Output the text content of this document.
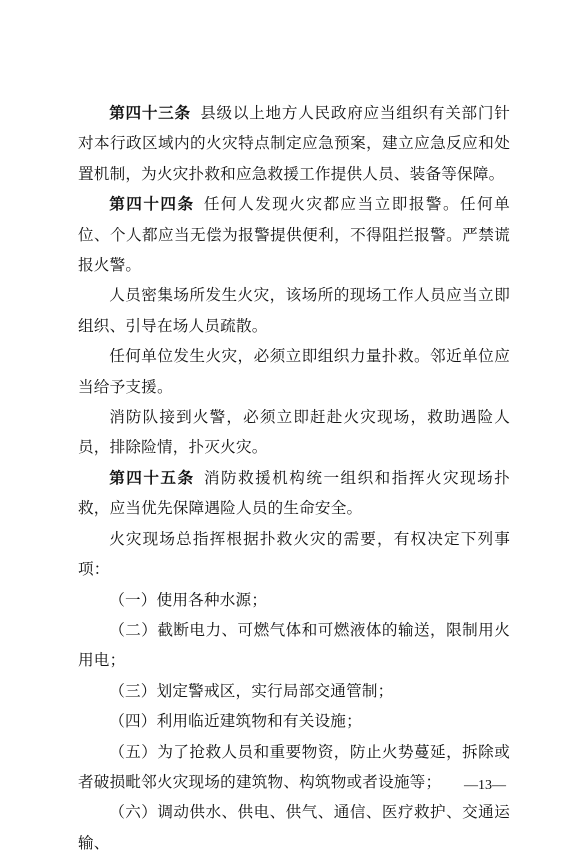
第四十三条 县级以上地方人民政府应当组织有关部门针对本行政区域内的火灾特点制定应急预案，建立应急反应和处置机制，为火灾扑救和应急救援工作提供人员、装备等保障。

第四十四条 任何人发现火灾都应当立即报警。任何单位、个人都应当无偿为报警提供便利，不得阻拦报警。严禁谎报火警。

人员密集场所发生火灾，该场所的现场工作人员应当立即组织、引导在场人员疏散。

任何单位发生火灾，必须立即组织力量扑救。邻近单位应当给予支援。

消防队接到火警，必须立即赶赴火灾现场，救助遇险人员，排除险情，扑灭火灾。

第四十五条 消防救援机构统一组织和指挥火灾现场扑救，应当优先保障遇险人员的生命安全。

火灾现场总指挥根据扑救火灾的需要，有权决定下列事项：

（一）使用各种水源；

（二）截断电力、可燃气体和可燃液体的输送，限制用火用电；

（三）划定警戒区，实行局部交通管制；

（四）利用临近建筑物和有关设施；

（五）为了抢救人员和重要物资，防止火势蔓延，拆除或者破损毗邻火灾现场的建筑物、构筑物或者设施等；

（六）调动供水、供电、供气、通信、医疗救护、交通运输、

—13—
